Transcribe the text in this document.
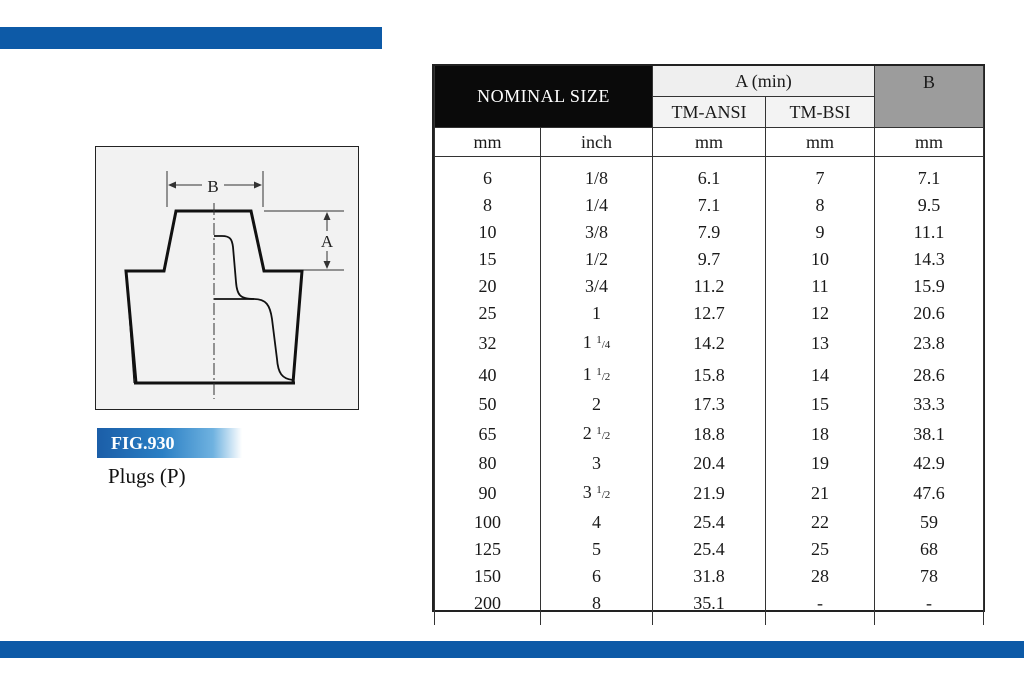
B
A
FIG.930
Plugs (P)
NOMINAL SIZE		A (min)		B
		TM-ANSI	TM-BSI	
mm	inch	mm	mm	mm

6	1/8	6.1	7	7.1
8	1/4	7.1	8	9.5
10	3/8	7.9	9	11.1
15	1/2	9.7	10	14.3
20	3/4	11.2	11	15.9
25	1	12.7	12	20.6
32	1 $^1$/4	14.2	13	23.8
40	1 $^1$/2	15.8	14	28.6
50	2	17.3	15	33.3
65	2 $^1$/2	18.8	18	38.1
80	3	20.4	19	42.9
90	3 $^1$/2	21.9	21	47.6
100	4	25.4	22	59
125	5	25.4	25	68
150	6	31.8	28	78
200	8	35.1	-	-
